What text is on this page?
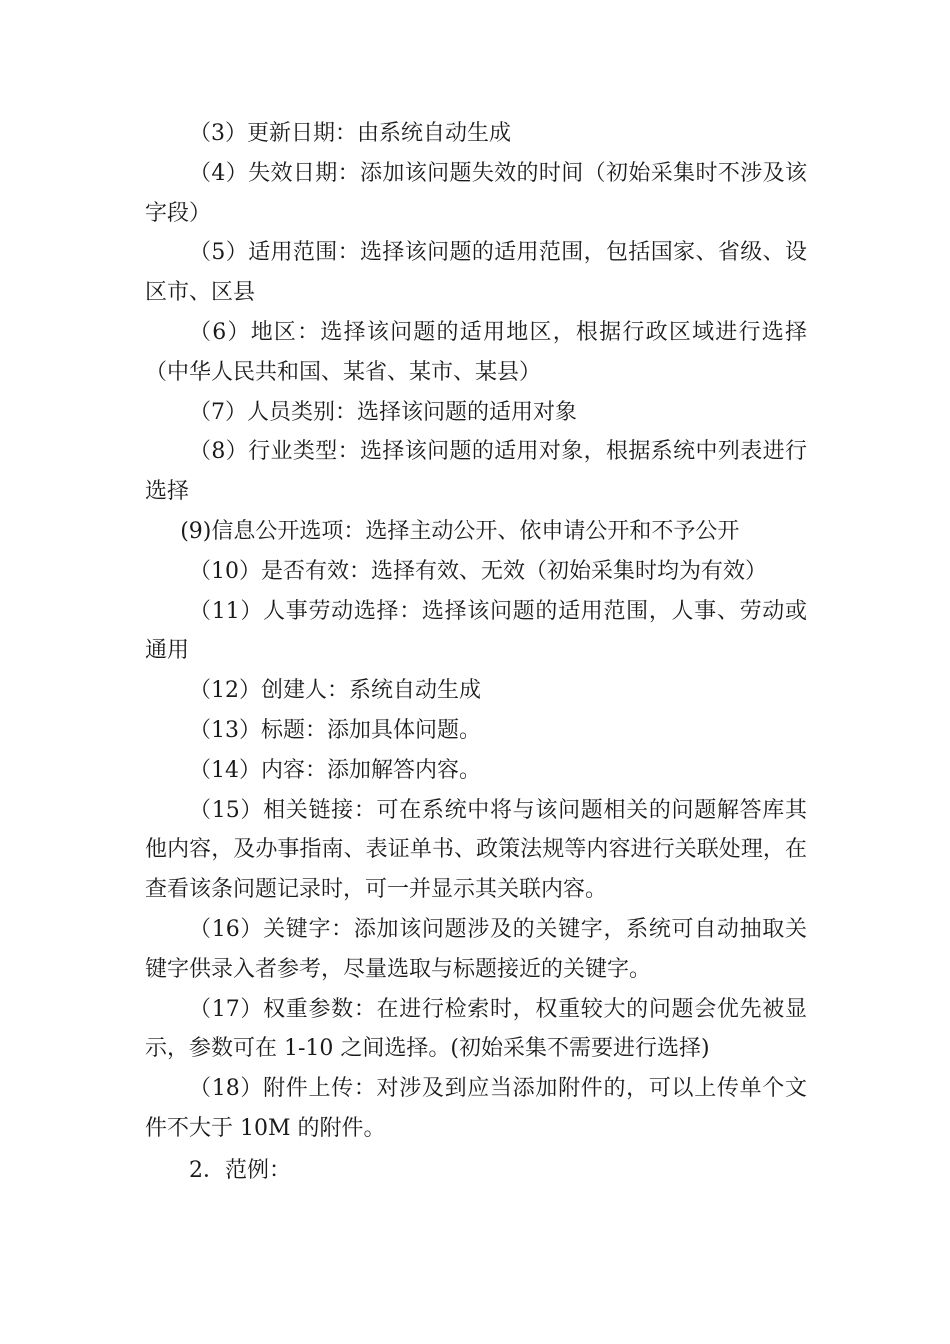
（3）更新日期：由系统自动生成

（4）失效日期：添加该问题失效的时间（初始采集时不涉及该字段）

（5）适用范围：选择该问题的适用范围，包括国家、省级、设区市、区县

（6）地区：选择该问题的适用地区，根据行政区域进行选择（中华人民共和国、某省、某市、某县）

（7）人员类别：选择该问题的适用对象

（8）行业类型：选择该问题的适用对象，根据系统中列表进行选择

(9)信息公开选项：选择主动公开、依申请公开和不予公开

（10）是否有效：选择有效、无效（初始采集时均为有效）

（11）人事劳动选择：选择该问题的适用范围，人事、劳动或通用

（12）创建人：系统自动生成

（13）标题：添加具体问题。

（14）内容：添加解答内容。

（15）相关链接：可在系统中将与该问题相关的问题解答库其他内容，及办事指南、表证单书、政策法规等内容进行关联处理，在查看该条问题记录时，可一并显示其关联内容。

（16）关键字：添加该问题涉及的关键字，系统可自动抽取关键字供录入者参考，尽量选取与标题接近的关键字。

（17）权重参数：在进行检索时，权重较大的问题会优先被显示，参数可在 1-10 之间选择。(初始采集不需要进行选择)

（18）附件上传：对涉及到应当添加附件的，可以上传单个文件不大于 10M 的附件。

2．范例：
